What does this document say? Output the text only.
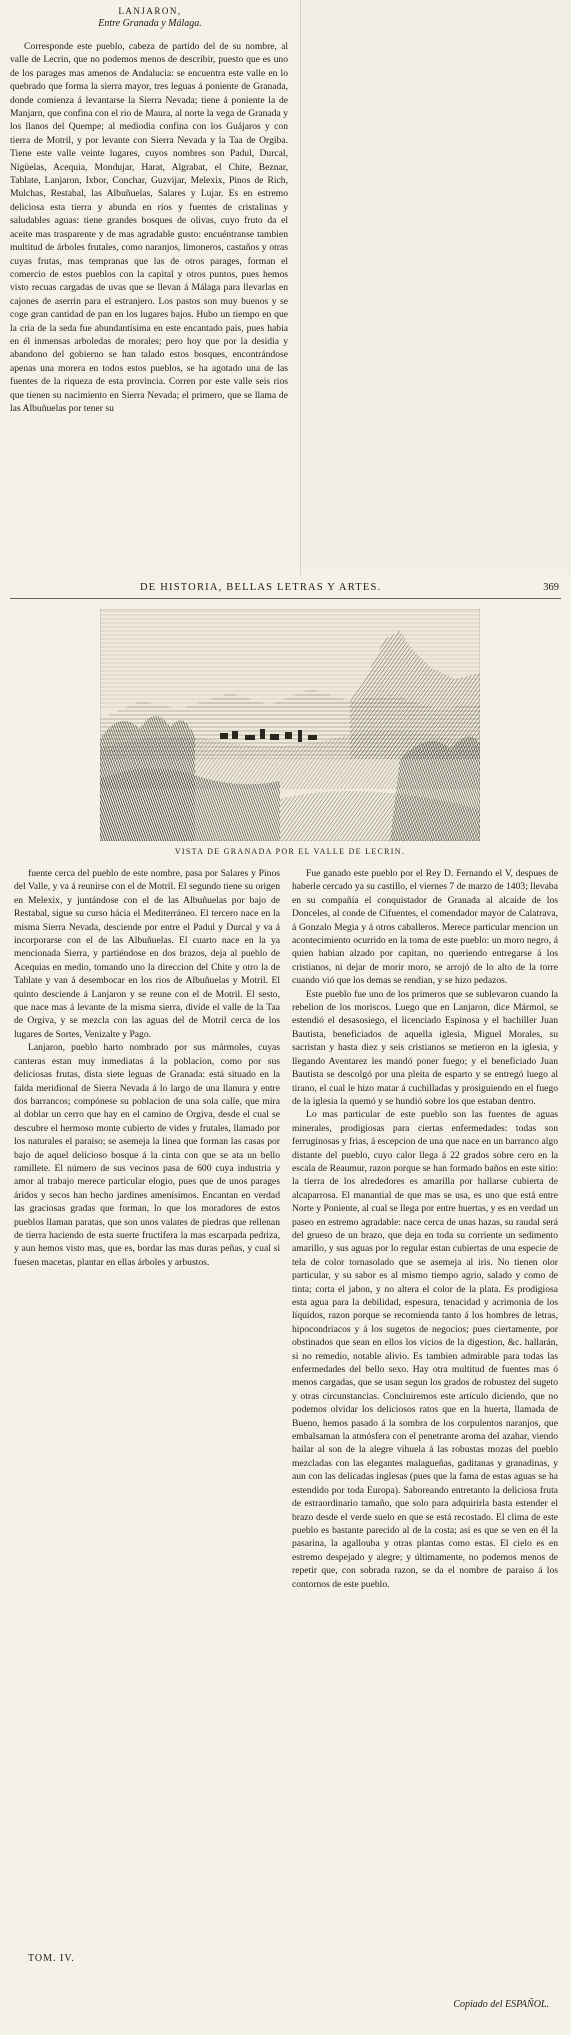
LANJARON,
Entre Granada y Málaga.

Corresponde este pueblo, cabeza de partido del de su nombre, al valle de Lecrin, que no podemos menos de describir, puesto que es uno de los parages mas amenos de Andalucia: se encuentra este valle en lo quebrado que forma la sierra mayor, tres leguas á poniente de Granada, donde comienza á levantarse la Sierra Nevada; tiene á poniente la de Manjarn, que confina con el rio de Maura, al norte la vega de Granada y los llanos del Quempe; al mediodia confina con los Guájaros y con tierra de Motril, y por levante con Sierra Nevada y la Taa de Orgiba. Tiene este valle veinte lugares, cuyos nombres son Padul, Durcal, Nigüelas, Acequia, Mondujar, Harat, Algrabat, el Chite, Beznar, Tablate, Lanjaron, Ixbor, Conchar, Guzvijar, Melexix, Pinos de Rich, Mulchas, Restabal, las Albuñuelas, Salares y Lujar. Es en estremo deliciosa esta tierra y abunda en rios y fuentes de cristalinas y saludables aguas: tiene grandes bosques de olivas, cuyo fruto da el aceite mas trasparente y de mas agradable gusto: encuéntranse tambien multitud de árboles frutales, como naranjos, limoneros, castaños y otras cuyas frutas, mas tempranas que las de otros parages, forman el comercio de estos pueblos con la capital y otros puntos, pues hemos visto recuas cargadas de uvas que se llevan á Málaga para llevarlas en cajones de aserrin para el estranjero. Los pastos son muy buenos y se coge gran cantidad de pan en los lugares bajos. Hubo un tiempo en que la cria de la seda fue abundantísima en este encantado pais, pues habia en él inmensas arboledas de morales; pero hoy que por la desidia y abandono del gobierno se han talado estos bosques, encontrándose apenas una morera en todos estos pueblos, se ha agotado una de las fuentes de la riqueza de esta provincia. Corren por este valle seis rios que tienen su nacimiento en Sierra Nevada; el primero, que se llama de las Albuñuelas por tener su

DE HISTORIA, BELLAS LETRAS Y ARTES.	369
VISTA DE GRANADA POR EL VALLE DE LECRIN.

fuente cerca del pueblo de este nombre, pasa por Salares y Pinos del Valle, y va á reunirse con el de Motril. El segundo tiene su origen en Melexix, y juntándose con el de las Albuñuelas por bajo de Restabal, sigue su curso hácia el Mediterráneo. El tercero nace en la misma Sierra Nevada, desciende por entre el Padul y Durcal y va á incorporarse con el de las Albuñuelas. El cuarto nace en la ya mencionada Sierra, y partiéndose en dos brazos, deja al pueblo de Acequias en medio, tomando uno la direccion del Chite y otro la de Tablate y van á desembocar en los rios de Albuñuelas y Motril. El quinto desciende á Lanjaron y se reune con el de Motril. El sesto, que nace mas á levante de la misma sierra, divide el valle de la Taa de Orgiva, y se mezcla con las aguas del de Motril cerca de los lugares de Sortes, Venizalte y Pago.

Lanjaron, pueblo harto nombrado por sus mármoles, cuyas canteras estan muy inmediatas á la poblacion, como por sus deliciosas frutas, dista siete leguas de Granada: está situado en la falda meridional de Sierra Nevada á lo largo de una llanura y entre dos barrancos; compónese su poblacion de una sola calle, que mira al doblar un cerro que hay en el camino de Orgiva, desde el cual se descubre el hermoso monte cubierto de vides y frutales, llamado por los naturales el paraiso; se asemeja la linea que forman las casas por bajo de aquel delicioso bosque á la cinta con que se ata un bello ramillete. El número de sus vecinos pasa de 600 cuya industria y amor al trabajo merece particular elogio, pues que de unos parages áridos y secos han hecho jardines amenísimos. Encantan en verdad las graciosas gradas que forman, lo que los moradores de estos pueblos llaman paratas, que son unos valates de piedras que rellenan de tierra haciendo de esta suerte fructifera la mas escarpada pedriza, y aun hemos visto mas, que es, bordar las mas duras peñas, y cual si fuesen macetas, plantar en ellas árboles y arbustos.

Fue ganado este pueblo por el Rey D. Fernando el V, despues de haberle cercado ya su castillo, el viernes 7 de marzo de 1403; llevaba en su compañía el conquistador de Granada al alcaide de los Donceles, al conde de Cifuentes, el comendador mayor de Calatrava, á Gonzalo Megia y á otros caballeros. Merece particular mencion un acontecimiento ocurrido en la toma de este pueblo: un moro negro, á quien habian alzado por capitan, no queriendo entregarse á los cristianos, ni dejar de morir moro, se arrojó de lo alto de la torre cuando vió que los demas se rendian, y se hizo pedazos.

Este pueblo fue uno de los primeros que se sublevaron cuando la rebelion de los moriscos. Luego que en Lanjaron, dice Mármol, se estendió el desasosiego, el licenciado Espinosa y el bachiller Juan Bautista, beneficiados de aquella iglesia, Miguel Morales, su sacristan y hasta diez y seis cristianos se metieron en la iglesia, y llegando Aventarez les mandó poner fuego; y el beneficiado Juan Bautista se descolgó por una pleita de esparto y se entregó luego al tirano, el cual le hizo matar á cuchilladas y prosiguiendo en el fuego de la iglesia la quemó y se hundió sobre los que estaban dentro.

Lo mas particular de este pueblo son las fuentes de aguas minerales, prodigiosas para ciertas enfermedades: todas son ferruginosas y frias, á escepcion de una que nace en un barranco algo distante del pueblo, cuyo calor llega á 22 grados sobre cero en la escala de Reaumur, razon porque se han formado baños en este sitio: la tierra de los alrededores es amarilla por hallarse cubierta de alcaparrosa. El manantial de que mas se usa, es uno que está entre Norte y Poniente, al cual se llega por entre huertas, y es en verdad un paseo en estremo agradable: nace cerca de unas hazas, su raudal será del grueso de un brazo, que deja en toda su corriente un sedimento amarillo, y sus aguas por lo regular estan cubiertas de una especie de tela de color tornasolado que se asemeja al iris. No tienen olor particular, y su sabor es al mismo tiempo agrio, salado y como de tinta; corta el jabon, y no altera el color de la plata. Es prodigiosa esta agua para la debilidad, espesura, tenacidad y acrimonia de los líquidos, razon porque se recomienda tanto á los hombres de letras, hipocondriacos y á los sugetos de negocios; pues ciertamente, por obstinados que sean en ellos los vicios de la digestion, &c. hallarán, si no remedio, notable alivio. Es tambien admirable para todas las enfermedades del bello sexo. Hay otra multitud de fuentes mas ó menos cargadas, que se usan segun los grados de robustez del sugeto y otras circunstancias. Concluiremos este artículo diciendo, que no podemos olvidar los deliciosos ratos que en la huerta, llamada de Bueno, hemos pasado á la sombra de los corpulentos naranjos, que embalsaman la atmósfera con el penetrante aroma del azahar, viendo bailar al son de la alegre vihuela á las robustas mozas del pueblo mezcladas con las elegantes malagueñas, gaditanas y granadinas, y aun con las delicadas inglesas (pues que la fama de estas aguas se ha estendido por toda Europa). Saboreando entretanto la deliciosa fruta de estraordinario tamaño, que solo para adquirirla basta estender el brazo desde el verde suelo en que se está recostado. El clima de este pueblo es bastante parecido al de la costa; así es que se ven en él la pasarina, la agallouba y otras plantas como estas. El cielo es en estremo despejado y alegre; y últimamente, no podemos menos de repetir que, con sobrada razon, se da el nombre de paraiso á los contornos de este pueblo.

TOM. IV.
Copiado del ESPAÑOL.
